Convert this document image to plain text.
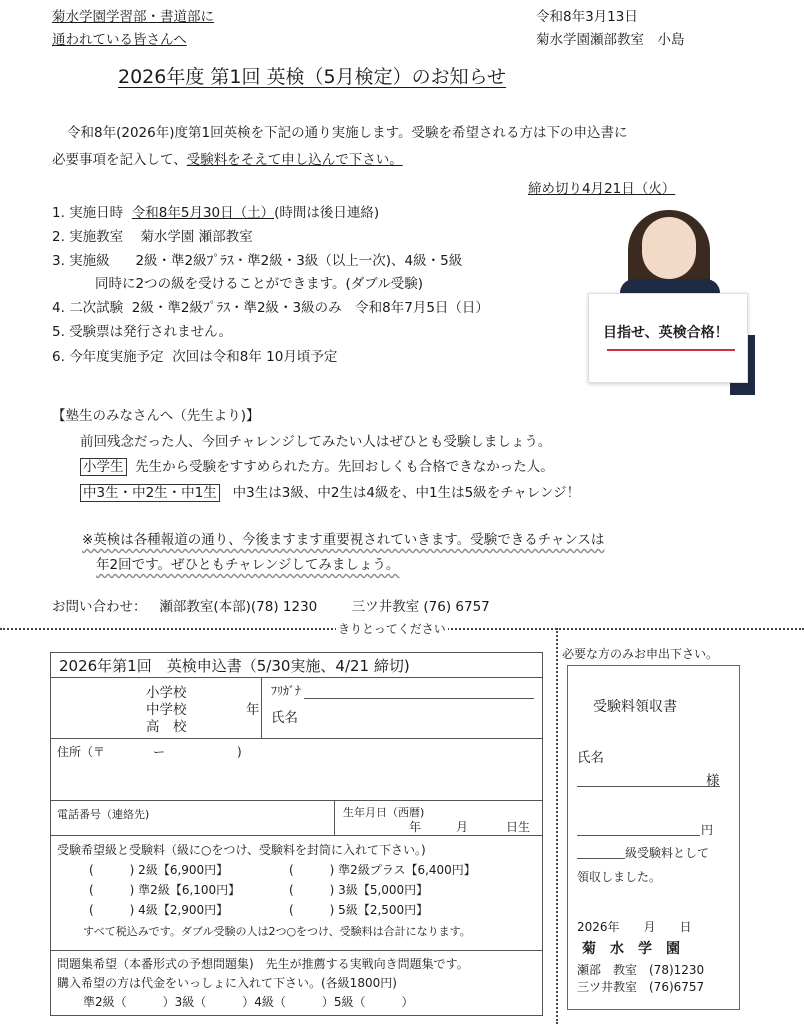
菊水学園学習部・書道部に
通われている皆さんへ
令和8年3月13日
菊水学園瀬部教室　小島
2026年度 第1回 英検（5月検定）のお知らせ
令和8年(2026年)度第1回英検を下記の通り実施します。受験を希望される方は下の申込書に
必要事項を記入して、受験料をそえて申し込んで下さい。
締め切り4月21日（火）
1. 実施日時 令和8年5月30日（土）(時間は後日連絡)
2. 実施教室 菊水学園 瀬部教室
3. 実施級 2級・準2級ﾌﾟﾗｽ・準2級・3級（以上一次)、4級・5級
同時に2つの級を受けることができます。(ダブル受験)
4. 二次試験 2級・準2級ﾌﾟﾗｽ・準2級・3級のみ　令和8年7月5日（日）
5. 受験票は発行されません。
6. 今年度実施予定 次回は令和8年 10月頃予定
目指せ、英検合格！
【塾生のみなさんへ（先生より)】
前回残念だった人、今回チャレンジしてみたい人はぜひとも受験しましょう。
小学生 先生から受験をすすめられた方。先回おしくも合格できなかった人。
中3生・中2生・中1生 中3生は3級、中2生は4級を、中1生は5級をチャレンジ！
※英検は各種報道の通り、今後ますます重要視されていきます。受験できるチャンスは
年2回です。ぜひともチャレンジしてみましょう。
お問い合わせ： 瀬部教室(本部)(78) 1230	三ツ井教室 (76) 6757
きりとってください
2026年第1回　英検申込書（5/30実施、4/21 締切)
小学校
中学校
高　校
年
ﾌﾘｶﾞﾅ
氏名
住所（〒　　　　ー　　　　　　)
電話番号（連絡先)	生年月日（西暦)
年	月	日生
受験希望級と受験料（級に○をつけ、受験料を封筒に入れて下さい。)
(　　　) 2級【6,900円】	(　　　) 準2級プラス【6,400円】
(　　　) 準2級【6,100円】	(　　　) 3級【5,000円】
(　　　) 4級【2,900円】	(　　　) 5級【2,500円】
すべて税込みです。ダブル受験の人は2つ○をつけ、受験料は合計になります。
問題集希望（本番形式の予想問題集)　先生が推薦する実戦向き問題集です。
購入希望の方は代金をいっしょに入れて下さい。(各級1800円)
準2級（　　　）3級（　　　）4級（　　　）5級（　　　）
必要な方のみお申出下さい。
受験料領収書
氏名
様
円
級受験料として
領収しました。
2026年　　月　　日
菊　水　学　園
瀬部　教室　(78)1230
三ツ井教室　(76)6757
